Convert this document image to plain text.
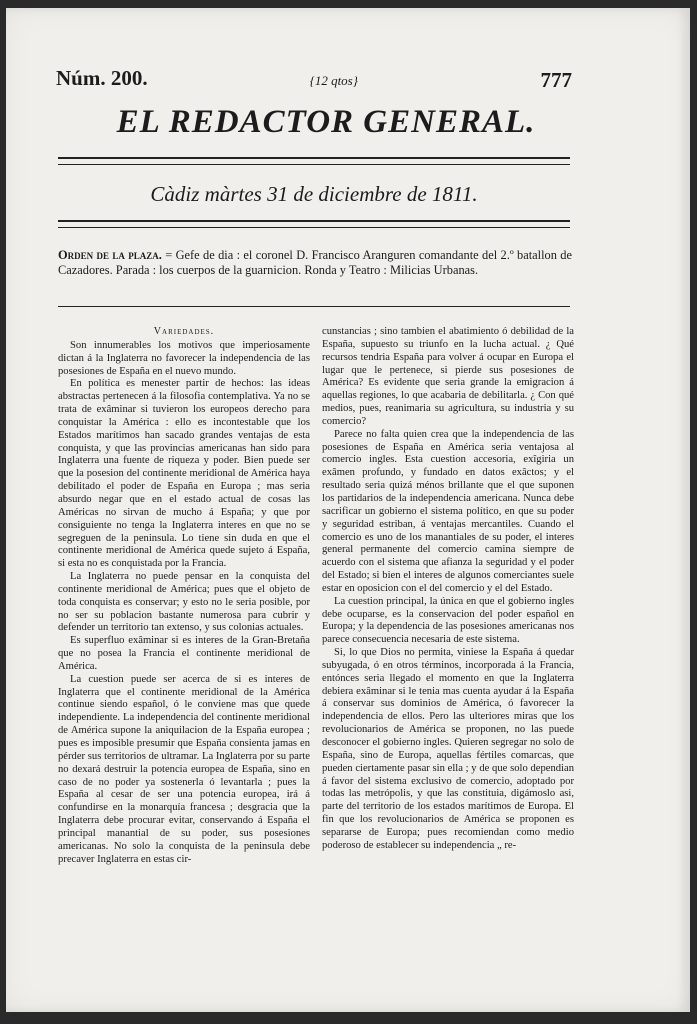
Núm. 200.	{12 qtos}	777
EL REDACTOR GENERAL.
Càdiz màrtes 31 de diciembre de 1811.
Orden de la plaza. = Gefe de dia : el coronel D. Francisco Aranguren comandante del 2.º batallon de Cazadores. Parada : los cuerpos de la guarnicion. Ronda y Teatro : Milicias Urbanas.
Variedades.

Son innumerables los motivos que imperiosamente dictan á la Inglaterra no favorecer la independencia de las posesiones de España en el nuevo mundo.

En política es menester partir de hechos: las ideas abstractas pertenecen á la filosofia contemplativa. Ya no se trata de exâminar si tuvieron los europeos derecho para conquistar la América : ello es incontestable que los Estados marítimos han sacado grandes ventajas de esta conquista, y que las provincias americanas han sido para Inglaterra una fuente de riqueza y poder. Bien puede ser que la posesion del continente meridional de América haya debilitado el poder de España en Europa ; mas seria absurdo negar que en el estado actual de cosas las Américas no sirvan de mucho á España; y que por consiguiente no tenga la Inglaterra interes en que no se segreguen de la peninsula. Lo tiene sin duda en que el continente meridional de América quede sujeto á España, si esta no es conquistada por la Francia.

La Inglaterra no puede pensar en la conquista del continente meridional de América; pues que el objeto de toda conquista es conservar; y esto no le seria posible, por no ser su poblacion bastante numerosa para cubrir y defender un territorio tan extenso, y sus colonias actuales.

Es superfluo exâminar si es interes de la Gran-Bretaña que no posea la Francia el continente meridional de América.

La cuestion puede ser acerca de si es interes de Inglaterra que el continente meridional de la América continue siendo español, ó le conviene mas que quede independiente. La independencia del continente meridional de América supone la aniquilacion de la España europea ; pues es imposible presumir que España consienta jamas en pérder sus territorios de ultramar. La Inglaterra por su parte no dexará destruir la potencia europea de España, sino en caso de no poder ya sostenerla ó levantarla ; pues la España al cesar de ser una potencia europea, irá á confundirse en la monarquía francesa ; desgracia que la Inglaterra debe procurar evitar, conservando á España el principal manantial de su poder, sus posesiones americanas. No solo la conquista de la peninsula debe precaver Inglaterra en estas cir-

cunstancias ; sino tambien el abatimiento ó debilidad de la España, supuesto su triunfo en la lucha actual. ¿ Qué recursos tendria España para volver á ocupar en Europa el lugar que le pertenece, si pierde sus posesiones de América? Es evidente que seria grande la emigracion á aquellas regiones, lo que acabaria de debilitarla. ¿ Con qué medios, pues, reanimaria su agricultura, su industria y su comercio?

Parece no falta quien crea que la independencia de las posesiones de España en América seria ventajosa al comercio ingles. Esta cuestion accesoria, exîgiria un exâmen profundo, y fundado en datos exâctos; y el resultado seria quizá ménos brillante que el que suponen los partidarios de la independencia americana. Nunca debe sacrificar un gobierno el sistema político, en que su poder y seguridad estriban, á ventajas mercantiles. Cuando el comercio es uno de los manantiales de su poder, el interes general permanente del comercio camina siempre de acuerdo con el sistema que afianza la seguridad y el poder del Estado; si bien el interes de algunos comerciantes suele estar en oposicion con el del comercio y el del Estado.

La cuestion principal, la única en que el gobierno ingles debe ocuparse, es la conservacion del poder español en Europa; y la dependencia de las posesiones americanas nos parece consecuencia necesaria de este sistema.

Si, lo que Dios no permita, viniese la España á quedar subyugada, ó en otros términos, incorporada á la Francia, entónces seria llegado el momento en que la Inglaterra debiera exâminar si le tenia mas cuenta ayudar á la España á conservar sus dominios de América, ó favorecer la independencia de ellos. Pero las ulteriores miras que los revolucionarios de América se proponen, no las puede desconocer el gobierno ingles. Quieren segregar no solo de España, sino de Europa, aquellas fértiles comarcas, que pueden ciertamente pasar sin ella ; y de que solo dependian á favor del sistema exclusivo de comercio, adoptado por todas las metrópolis, y que las constituia, digámoslo asi, parte del territorio de los estados marítimos de Europa. El fin que los revolucionarios de América se proponen es separarse de Europa; pues recomiendan como medio poderoso de establecer su independencia „ re-
